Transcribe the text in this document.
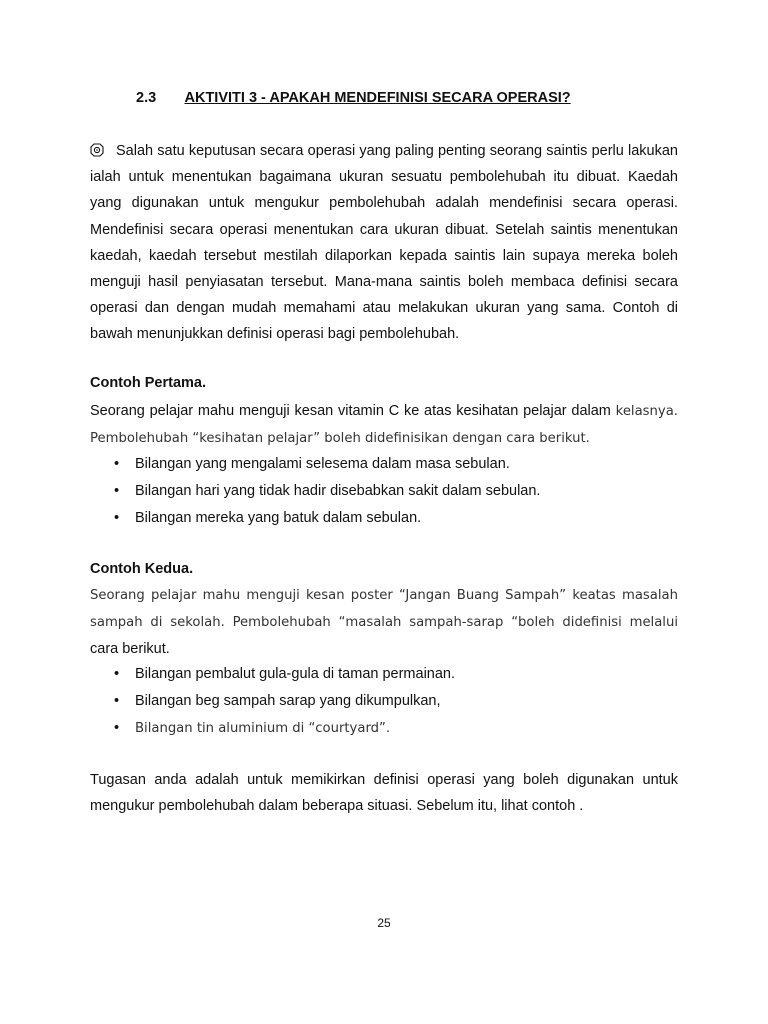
2.3 AKTIVITI 3 - APAKAH MENDEFINISI SECARA OPERASI?
Salah satu keputusan secara operasi yang paling penting seorang saintis perlu lakukan ialah untuk menentukan bagaimana ukuran sesuatu pembolehubah itu dibuat. Kaedah yang digunakan untuk mengukur pembolehubah adalah mendefinisi secara operasi. Mendefinisi secara operasi menentukan cara ukuran dibuat. Setelah saintis menentukan kaedah, kaedah tersebut mestilah dilaporkan kepada saintis lain supaya mereka boleh menguji hasil penyiasatan tersebut. Mana-mana saintis boleh membaca definisi secara operasi dan dengan mudah memahami atau melakukan ukuran yang sama. Contoh di bawah menunjukkan definisi operasi bagi pembolehubah.
Contoh Pertama.
Seorang pelajar mahu menguji kesan vitamin C ke atas kesihatan pelajar dalam kelasnya. Pembolehubah “kesihatan pelajar” boleh didefinisikan dengan cara berikut.
• Bilangan yang mengalami selesema dalam masa sebulan.
• Bilangan hari yang tidak hadir disebabkan sakit dalam sebulan.
• Bilangan mereka yang batuk dalam sebulan.
Contoh Kedua.
Seorang pelajar mahu menguji kesan poster “Jangan Buang Sampah” keatas masalah sampah di sekolah. Pembolehubah “masalah sampah-sarap “boleh didefinisi melalui cara berikut.
• Bilangan pembalut gula-gula di taman permainan.
• Bilangan beg sampah sarap yang dikumpulkan,
• Bilangan tin aluminium di “courtyard”.
Tugasan anda adalah untuk memikirkan definisi operasi yang boleh digunakan untuk mengukur pembolehubah dalam beberapa situasi. Sebelum itu, lihat contoh .
25
